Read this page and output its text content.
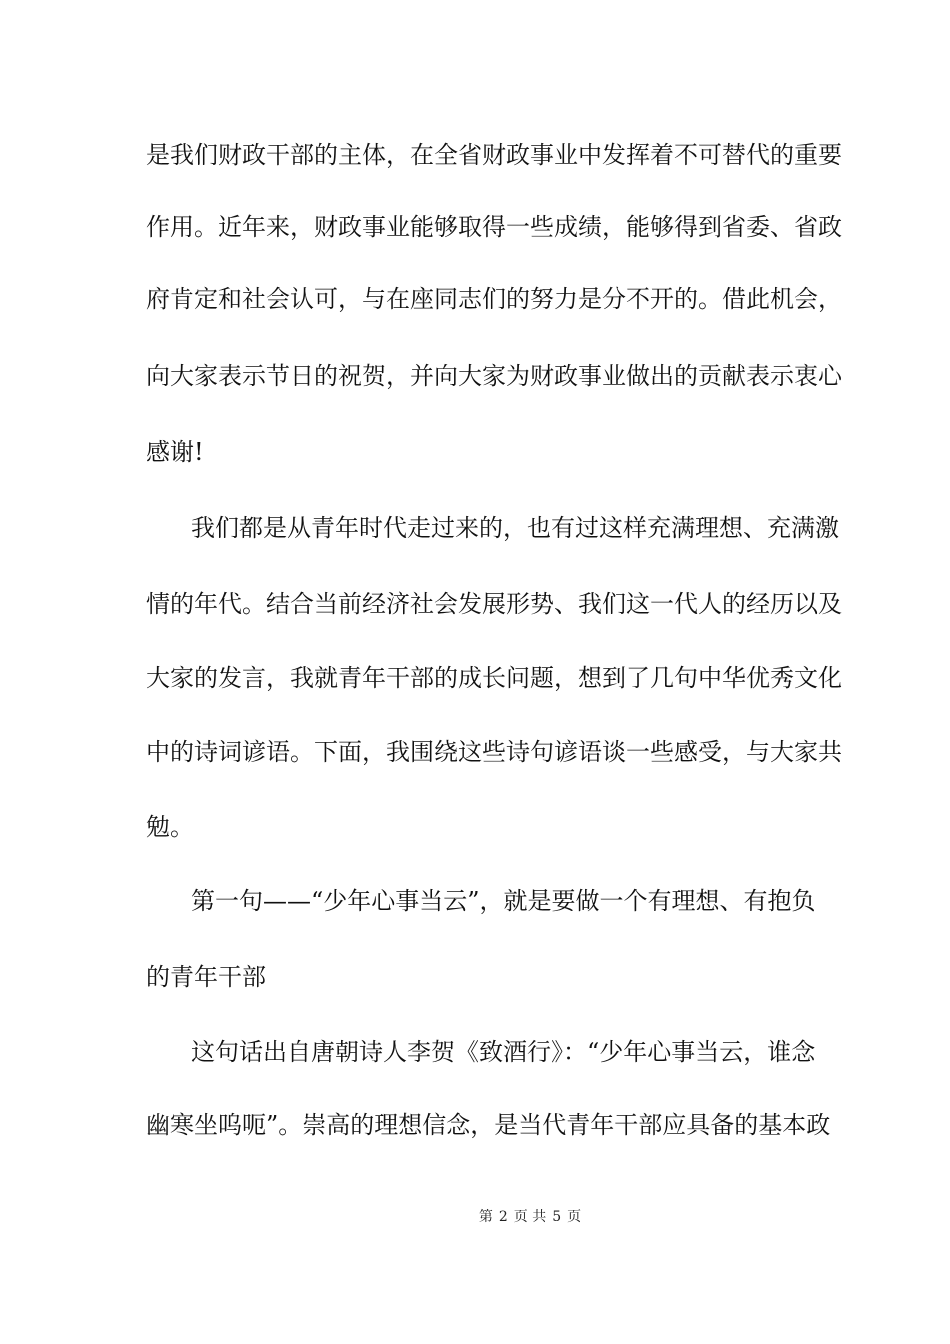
是我们财政干部的主体，在全省财政事业中发挥着不可替代的重要
作用。近年来，财政事业能够取得一些成绩，能够得到省委、省政
府肯定和社会认可，与在座同志们的努力是分不开的。借此机会，
向大家表示节日的祝贺，并向大家为财政事业做出的贡献表示衷心
感谢!
我们都是从青年时代走过来的，也有过这样充满理想、充满激
情的年代。结合当前经济社会发展形势、我们这一代人的经历以及
大家的发言，我就青年干部的成长问题，想到了几句中华优秀文化
中的诗词谚语。下面，我围绕这些诗句谚语谈一些感受，与大家共
勉。
第一句——“少年心事当云”，就是要做一个有理想、有抱负
的青年干部
这句话出自唐朝诗人李贺《致酒行》：“少年心事当云，谁念
幽寒坐呜呃”。崇高的理想信念，是当代青年干部应具备的基本政
第 2 页 共 5 页
